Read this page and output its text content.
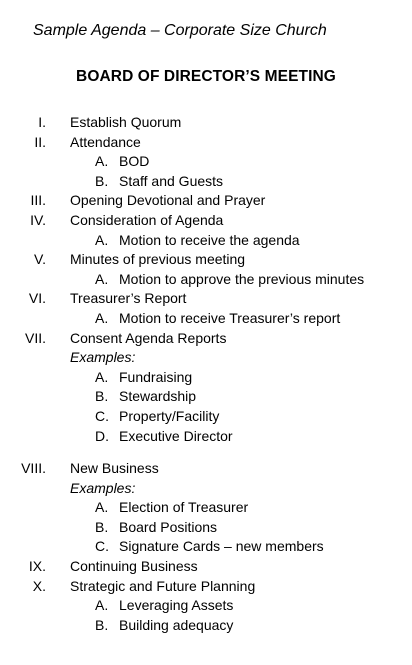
Sample Agenda – Corporate Size Church
BOARD OF DIRECTOR’S MEETING
I. Establish Quorum
II. Attendance
A. BOD
B. Staff and Guests
III. Opening Devotional and Prayer
IV. Consideration of Agenda
A. Motion to receive the agenda
V. Minutes of previous meeting
A. Motion to approve the previous minutes
VI. Treasurer’s Report
A. Motion to receive Treasurer’s report
VII. Consent Agenda Reports
Examples:
A. Fundraising
B. Stewardship
C. Property/Facility
D. Executive Director
VIII. New Business
Examples:
A. Election of Treasurer
B. Board Positions
C. Signature Cards – new members
IX. Continuing Business
X. Strategic and Future Planning
A. Leveraging Assets
B. Building adequacy
